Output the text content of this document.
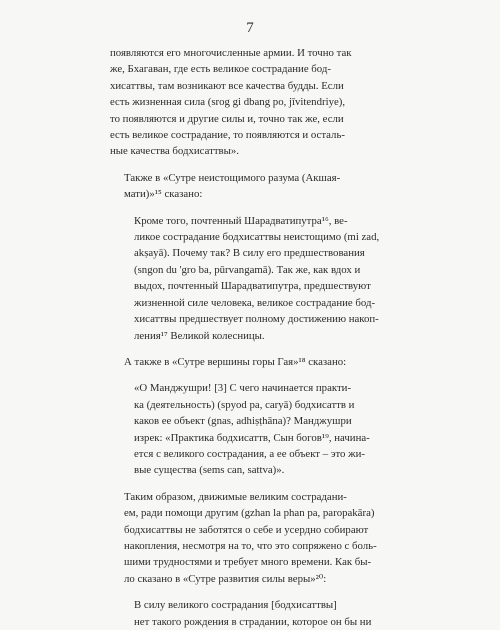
7

появляются его многочисленные армии. И точно так
же, Бхагаван, где есть великое сострадание бод-
хисаттвы, там возникают все качества будды. Если
есть жизненная сила (srog gi dbang po, jīvitendriye),
то появляются и другие силы и, точно так же, если
есть великое сострадание, то появляются и осталь-
ные качества бодхисаттвы».

Также в «Сутре неистощимого разума (Акшая-
мати)»¹⁵ сказано:

Кроме того, почтенный Шарадватипутра¹⁶, ве-
ликое сострадание бодхисаттвы неистощимо (mi zad,
akṣayā). Почему так? В силу его предшествования
(sngon du 'gro ba, pūrvangamā). Так же, как вдох и
выдох, почтенный Шарадватипутра, предшествуют
жизненной силе человека, великое сострадание бод-
хисаттвы предшествует полному достижению накоп-
ления¹⁷ Великой колесницы.

А также в «Сутре вершины горы Гая»¹⁸ сказано:

«О Манджушри! [3] С чего начинается практи-
ка (деятельность) (spyod pa, caryā) бодхисаттв и
каков ее объект (gnas, adhiṣṭhāna)? Манджушри
изрек: «Практика бодхисаттв, Сын богов¹⁹, начина-
ется с великого сострадания, а ее объект – это жи-
вые существа (sems can, sattva)».

Таким образом, движимые великим сострадани-
ем, ради помощи другим (gzhan la phan pa, paropakāra)
бодхисаттвы не заботятся о себе и усердно собирают
накопления, несмотря на то, что это сопряжено с боль-
шими трудностями и требует много времени. Как бы-
ло сказано в «Сутре развития силы веры»²⁰:

В силу великого сострадания [бодхисаттвы]
нет такого рождения в страдании, которое он бы ни
